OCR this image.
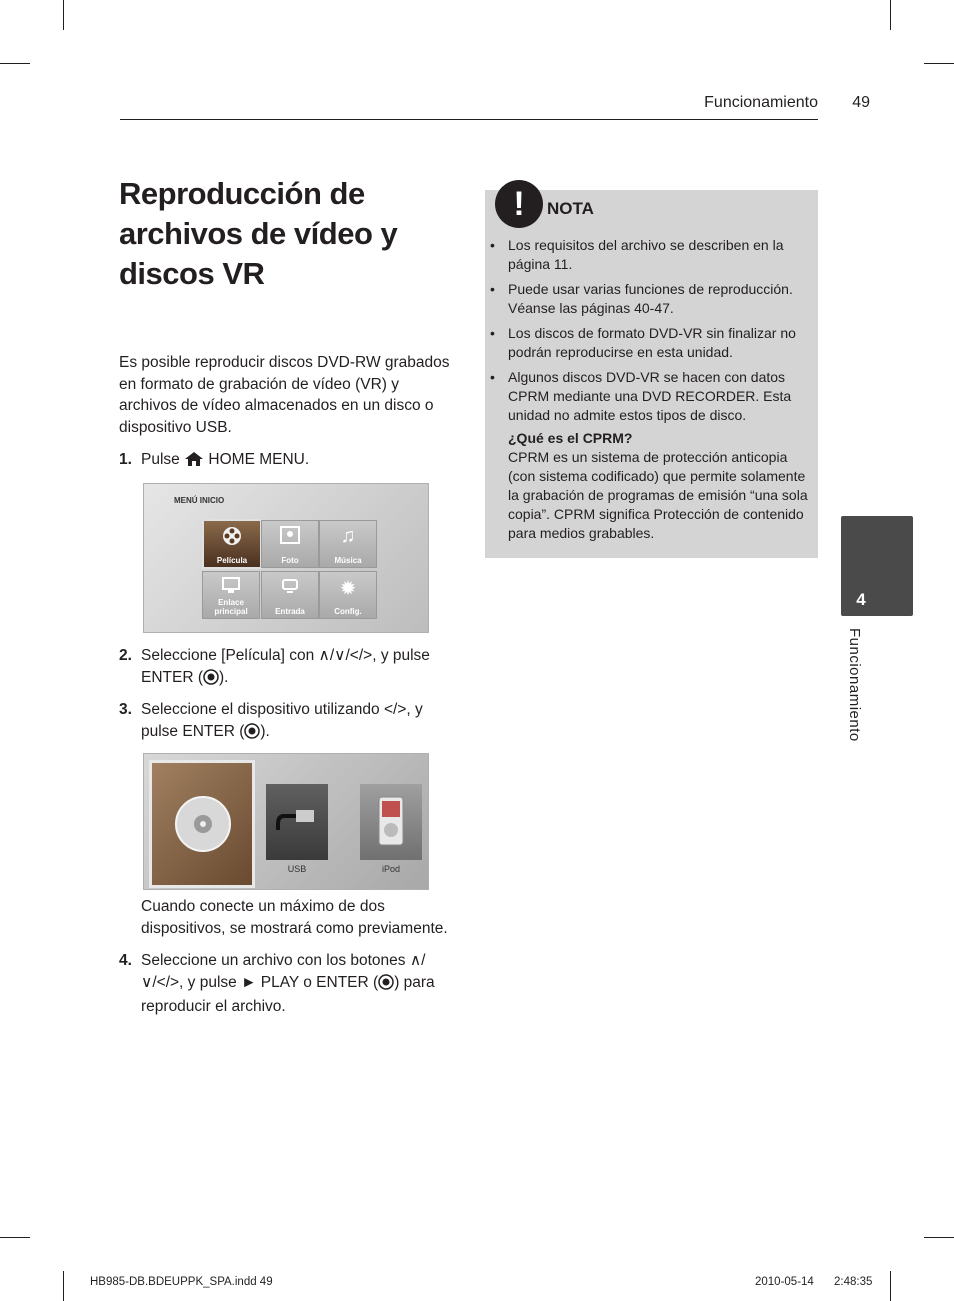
Funcionamiento	49
Reproducción de archivos de vídeo y discos VR
Es posible reproducir discos DVD-RW grabados en formato de grabación de vídeo (VR) y archivos de vídeo almacenados en un disco o dispositivo USB.
1. Pulse HOME MENU.
MENÚ INICIO
Película	Foto
♫
Música
Enlace principal	Entrada
✹
Config.
2. Seleccione [Película] con ∧/∨/</>, y pulse ENTER ( ).
3. Seleccione el dispositivo utilizando </>, y pulse ENTER ( ).
USB	iPod
Cuando conecte un máximo de dos dispositivos, se mostrará como previamente.
4. Seleccione un archivo con los botones ∧/∨/</>, y pulse ► PLAY o ENTER ( ) para reproducir el archivo.
!	NOTA
• Los requisitos del archivo se describen en la página 11.
• Puede usar varias funciones de reproducción. Véanse las páginas 40-47.
• Los discos de formato DVD-VR sin finalizar no podrán reproducirse en esta unidad.
• Algunos discos DVD-VR se hacen con datos CPRM mediante una DVD RECORDER. Esta unidad no admite estos tipos de disco.
¿Qué es el CPRM?
CPRM es un sistema de protección anticopia (con sistema codificado) que permite solamente la grabación de programas de emisión “una sola copia”. CPRM significa Protección de contenido para medios grabables.
4
Funcionamiento
HB985-DB.BDEUPPK_SPA.indd 49	2010-05-14 2:48:35
